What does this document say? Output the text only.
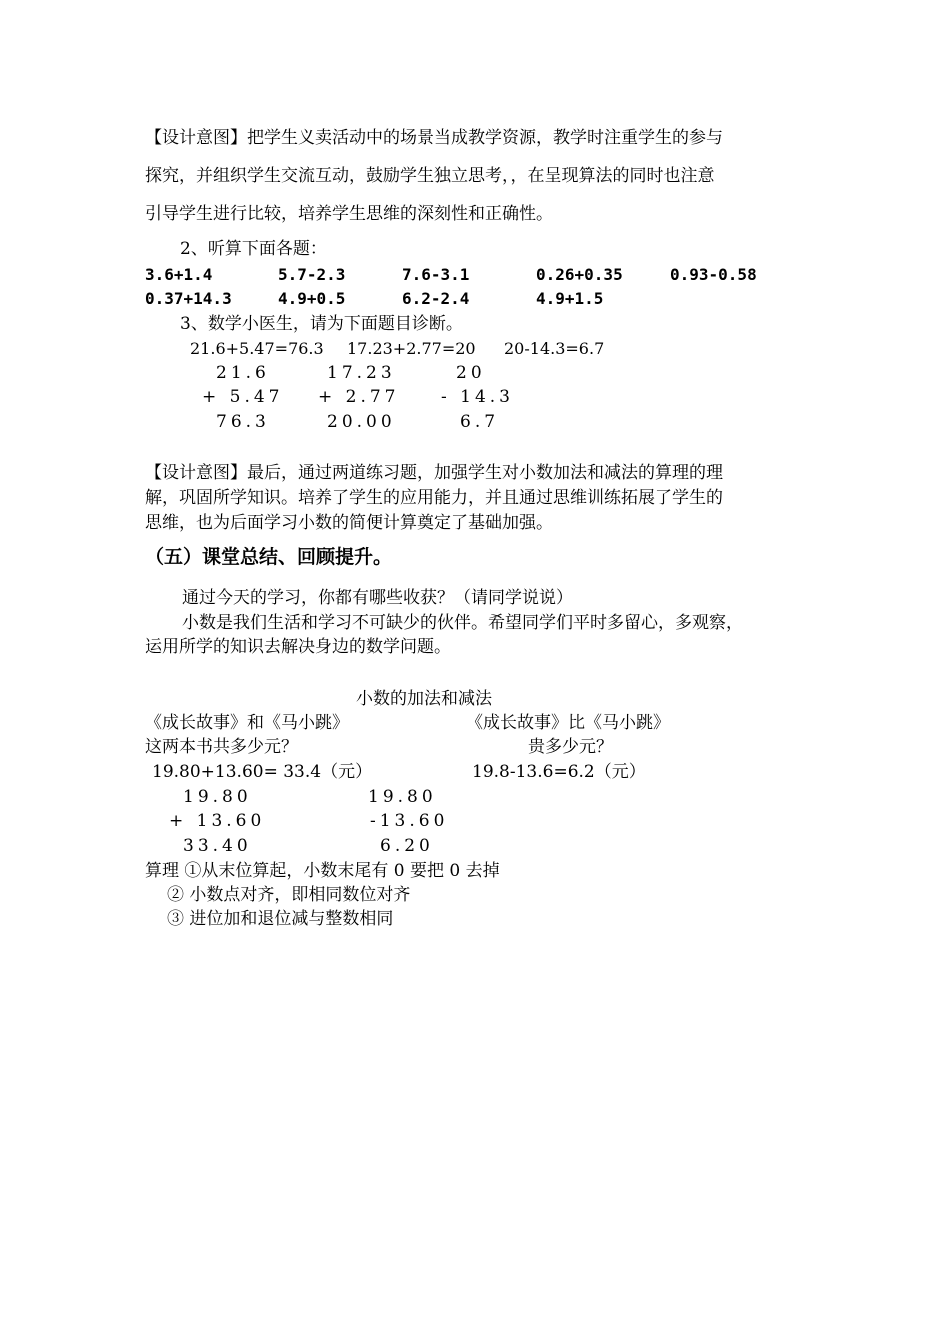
【设计意图】把学生义卖活动中的场景当成教学资源，教学时注重学生的参与
探究，并组织学生交流互动，鼓励学生独立思考，，在呈现算法的同时也注意
引导学生进行比较，培养学生思维的深刻性和正确性。
2、听算下面各题：
3.6+1.4	5.7-2.3	7.6-3.1	0.26+0.35	0.93-0.58
0.37+14.3	4.9+0.5	6.2-2.4	4.9+1.5
3、数学小医生，请为下面题目诊断。
21.6+5.47=76.3 17.23+2.77=20 20-14.3=6.7
21.6	17.23	20
+ 5.47 + 2.77 - 14.3
76.3	20.00	6.7
【设计意图】最后，通过两道练习题，加强学生对小数加法和减法的算理的理
解，巩固所学知识。培养了学生的应用能力，并且通过思维训练拓展了学生的
思维，也为后面学习小数的简便计算奠定了基础加强。
（五）课堂总结、回顾提升。
通过今天的学习，你都有哪些收获？（请同学说说）
小数是我们生活和学习不可缺少的伙伴。希望同学们平时多留心，多观察，
运用所学的知识去解决身边的数学问题。
小数的加法和减法
《成长故事》和《马小跳》	《成长故事》比《马小跳》
这两本书共多少元？	贵多少元？
19.80+13.60= 33.4（元）	19.8-13.6=6.2（元）
19.80
+ 13.60
33.40
19.80
-13.60
6.20
算理 ①从末位算起，小数末尾有 0 要把 0 去掉
② 小数点对齐，即相同数位对齐
③ 进位加和退位减与整数相同
